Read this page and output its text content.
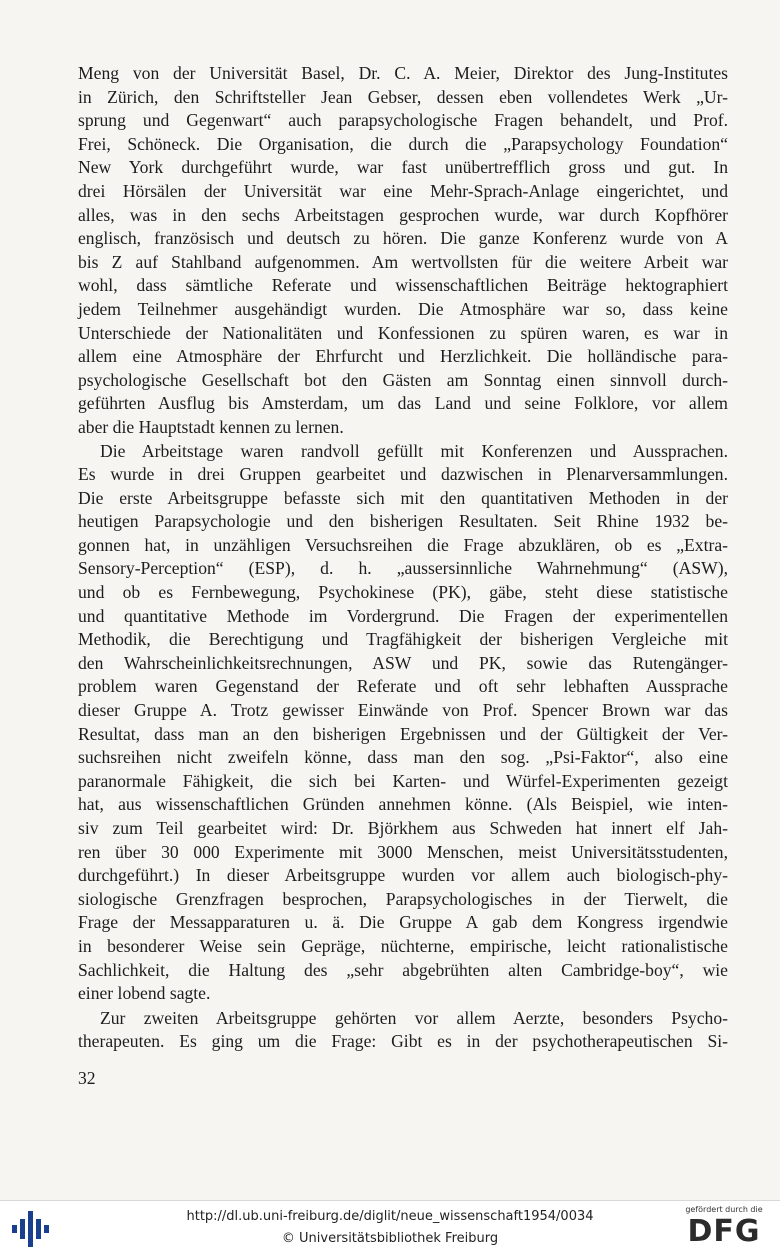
Meng von der Universität Basel, Dr. C. A. Meier, Direktor des Jung-Institutes
in Zürich, den Schriftsteller Jean Gebser, dessen eben vollendetes Werk „Ur-
sprung und Gegenwart“ auch parapsychologische Fragen behandelt, und Prof.
Frei, Schöneck. Die Organisation, die durch die „Parapsychology Foundation“
New York durchgeführt wurde, war fast unübertrefflich gross und gut. In
drei Hörsälen der Universität war eine Mehr-Sprach-Anlage eingerichtet, und
alles, was in den sechs Arbeitstagen gesprochen wurde, war durch Kopfhörer
englisch, französisch und deutsch zu hören. Die ganze Konferenz wurde von A
bis Z auf Stahlband aufgenommen. Am wertvollsten für die weitere Arbeit war
wohl, dass sämtliche Referate und wissenschaftlichen Beiträge hektographiert
jedem Teilnehmer ausgehändigt wurden. Die Atmosphäre war so, dass keine
Unterschiede der Nationalitäten und Konfessionen zu spüren waren, es war in
allem eine Atmosphäre der Ehrfurcht und Herzlichkeit. Die holländische para-
psychologische Gesellschaft bot den Gästen am Sonntag einen sinnvoll durch-
geführten Ausflug bis Amsterdam, um das Land und seine Folklore, vor allem
aber die Hauptstadt kennen zu lernen.
Die Arbeitstage waren randvoll gefüllt mit Konferenzen und Aussprachen.
Es wurde in drei Gruppen gearbeitet und dazwischen in Plenarversammlungen.
Die erste Arbeitsgruppe befasste sich mit den quantitativen Methoden in der
heutigen Parapsychologie und den bisherigen Resultaten. Seit Rhine 1932 be-
gonnen hat, in unzähligen Versuchsreihen die Frage abzuklären, ob es „Extra-
Sensory-Perception“ (ESP), d. h. „aussersinnliche Wahrnehmung“ (ASW),
und ob es Fernbewegung, Psychokinese (PK), gäbe, steht diese statistische
und quantitative Methode im Vordergrund. Die Fragen der experimentellen
Methodik, die Berechtigung und Tragfähigkeit der bisherigen Vergleiche mit
den Wahrscheinlichkeitsrechnungen, ASW und PK, sowie das Rutengänger-
problem waren Gegenstand der Referate und oft sehr lebhaften Aussprache
dieser Gruppe A. Trotz gewisser Einwände von Prof. Spencer Brown war das
Resultat, dass man an den bisherigen Ergebnissen und der Gültigkeit der Ver-
suchsreihen nicht zweifeln könne, dass man den sog. „Psi-Faktor“, also eine
paranormale Fähigkeit, die sich bei Karten- und Würfel-Experimenten gezeigt
hat, aus wissenschaftlichen Gründen annehmen könne. (Als Beispiel, wie inten-
siv zum Teil gearbeitet wird: Dr. Björkhem aus Schweden hat innert elf Jah-
ren über 30 000 Experimente mit 3000 Menschen, meist Universitätsstudenten,
durchgeführt.) In dieser Arbeitsgruppe wurden vor allem auch biologisch-phy-
siologische Grenzfragen besprochen, Parapsychologisches in der Tierwelt, die
Frage der Messapparaturen u. ä. Die Gruppe A gab dem Kongress irgendwie
in besonderer Weise sein Gepräge, nüchterne, empirische, leicht rationalistische
Sachlichkeit, die Haltung des „sehr abgebrühten alten Cambridge-boy“, wie
einer lobend sagte.
Zur zweiten Arbeitsgruppe gehörten vor allem Aerzte, besonders Psycho-
therapeuten. Es ging um die Frage: Gibt es in der psychotherapeutischen Si-
32
http://dl.ub.uni-freiburg.de/diglit/neue_wissenschaft1954/0034
© Universitätsbibliothek Freiburg
gefördert durch die
DFG
